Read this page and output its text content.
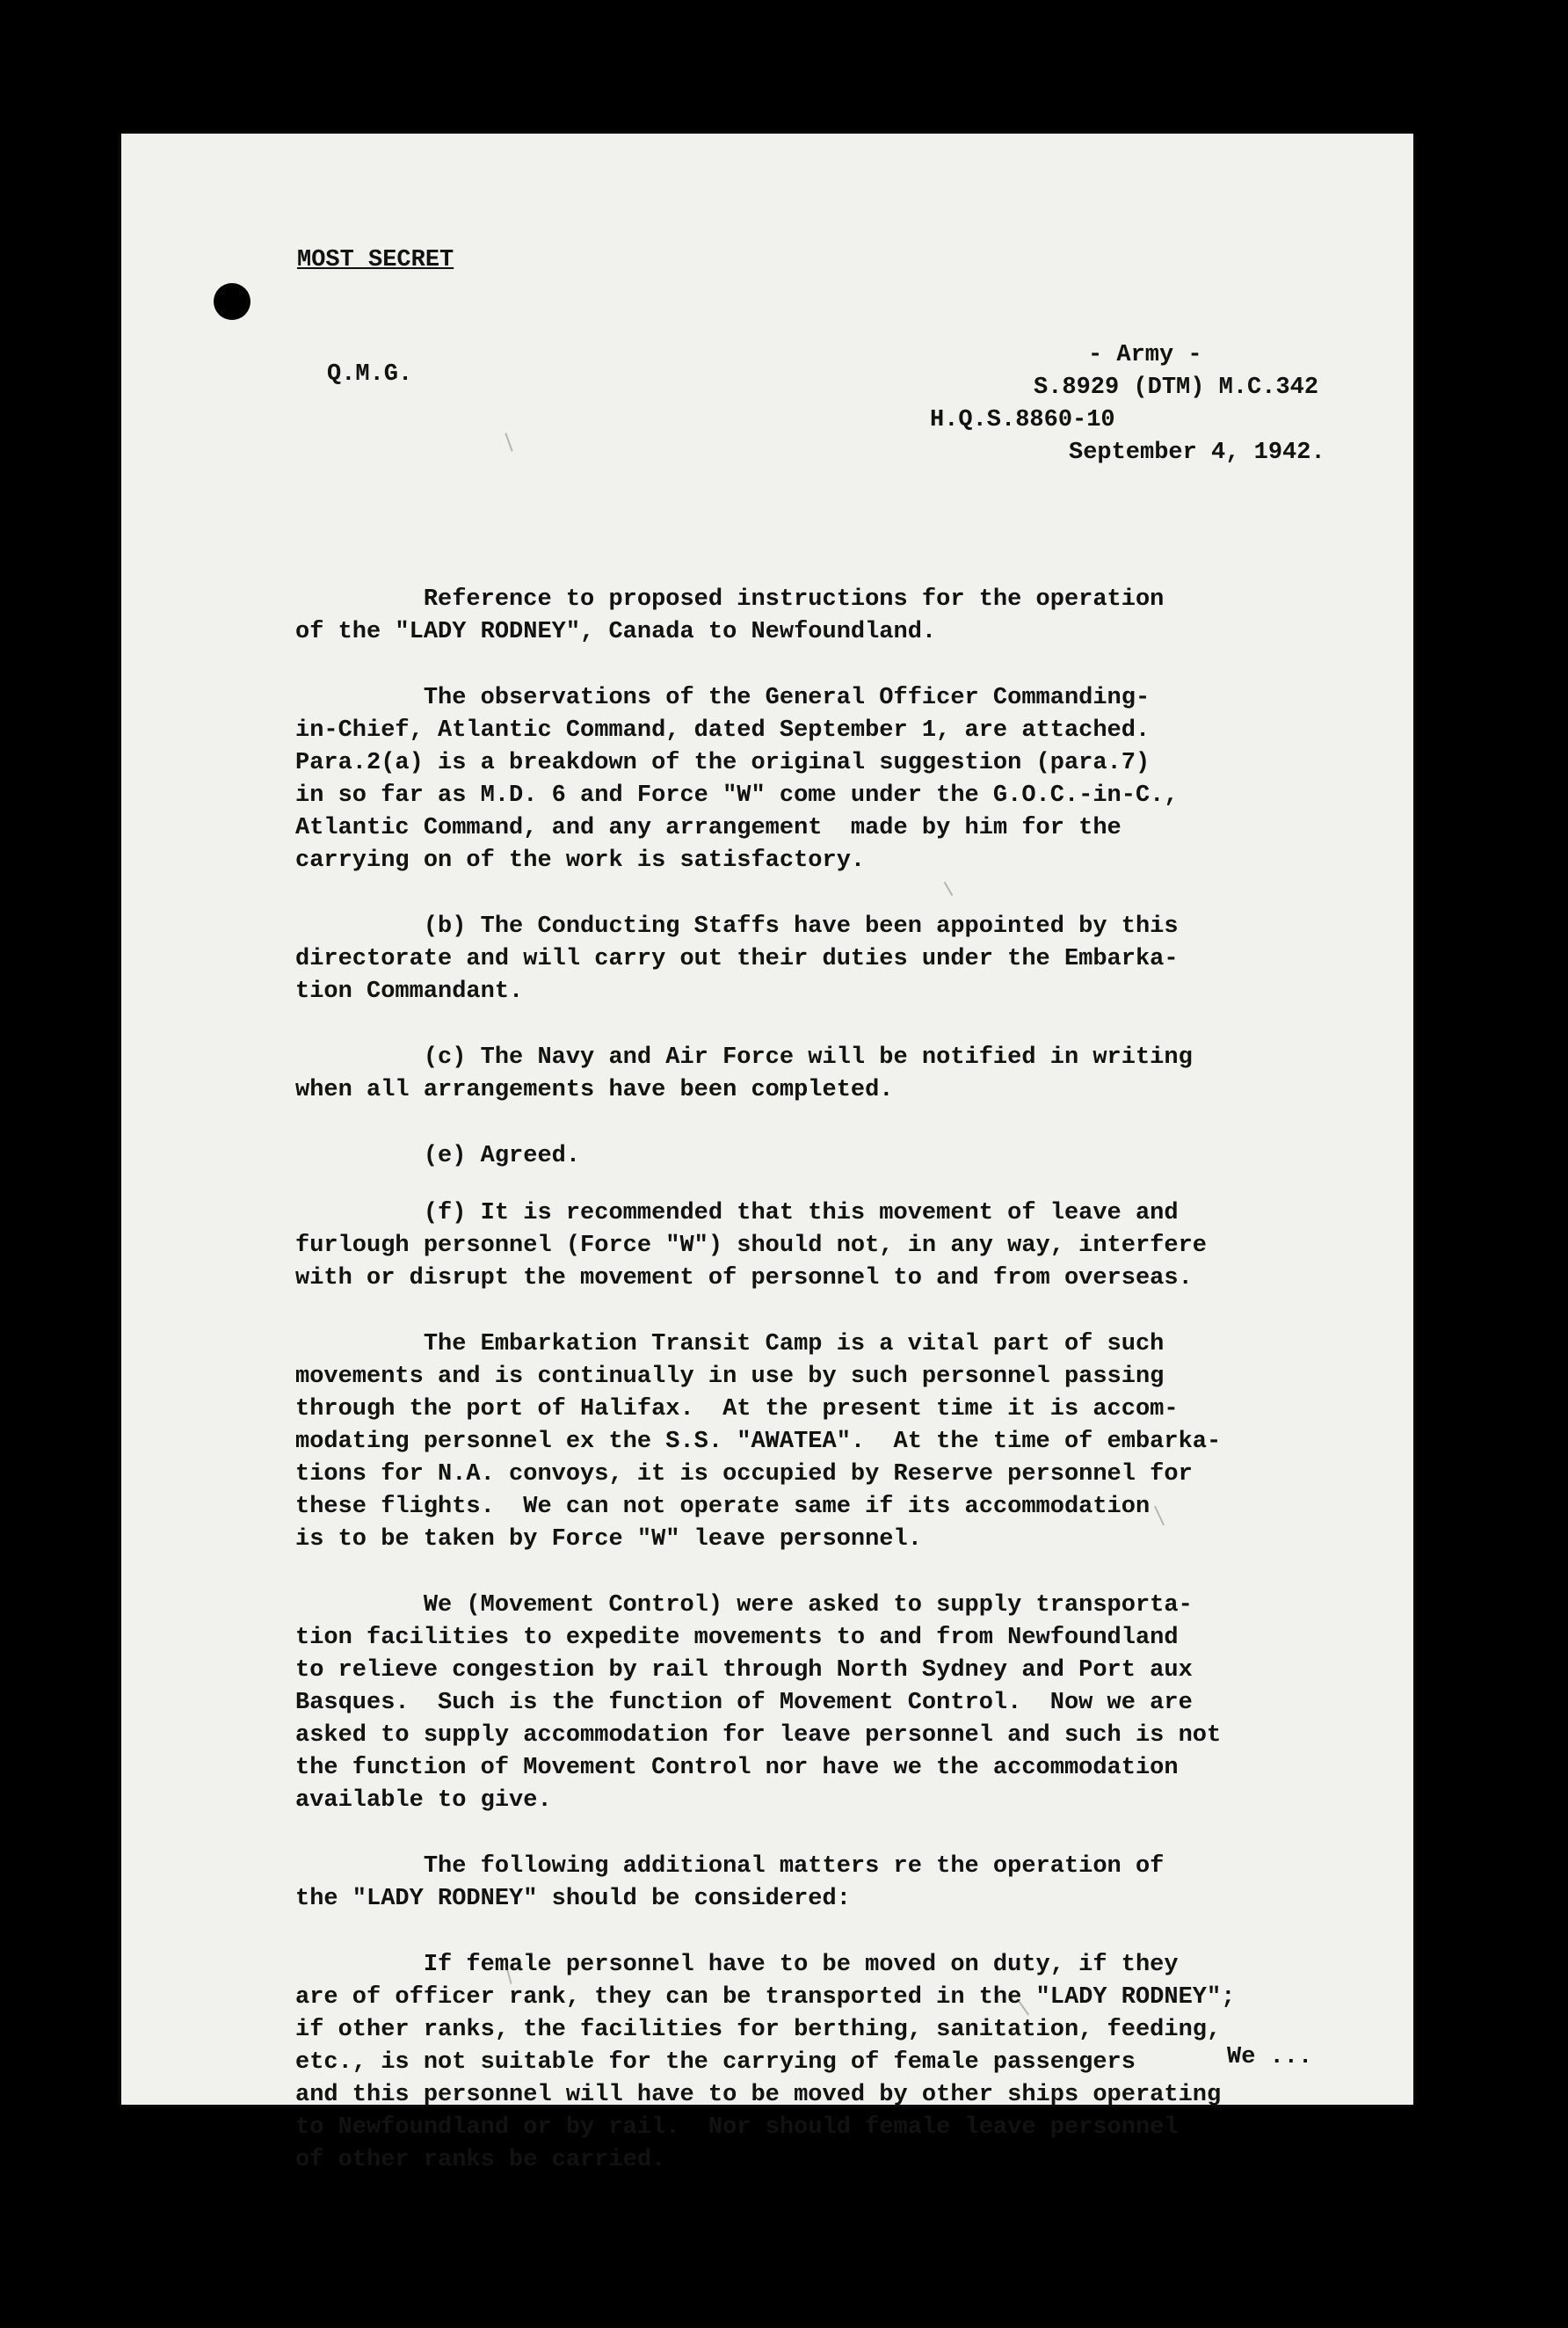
MOST SECRET

Q.M.G.

- Army -

S.8929 (DTM) M.C.342

H.Q.S.8860-10

September 4, 1942.

Reference to proposed instructions for the operation
of the "LADY RODNEY", Canada to Newfoundland.

The observations of the General Officer Commanding-
in-Chief, Atlantic Command, dated September 1, are attached.
Para.2(a) is a breakdown of the original suggestion (para.7)
in so far as M.D. 6 and Force "W" come under the G.O.C.-in-C.,
Atlantic Command, and any arrangement  made by him for the
carrying on of the work is satisfactory.

(b) The Conducting Staffs have been appointed by this
directorate and will carry out their duties under the Embarka-
tion Commandant.

(c) The Navy and Air Force will be notified in writing
when all arrangements have been completed.

(e) Agreed.

(f) It is recommended that this movement of leave and
furlough personnel (Force "W") should not, in any way, interfere
with or disrupt the movement of personnel to and from overseas.

The Embarkation Transit Camp is a vital part of such
movements and is continually in use by such personnel passing
through the port of Halifax.  At the present time it is accom-
modating personnel ex the S.S. "AWATEA".  At the time of embarka-
tions for N.A. convoys, it is occupied by Reserve personnel for
these flights.  We can not operate same if its accommodation
is to be taken by Force "W" leave personnel.

We (Movement Control) were asked to supply transporta-
tion facilities to expedite movements to and from Newfoundland
to relieve congestion by rail through North Sydney and Port aux
Basques.  Such is the function of Movement Control.  Now we are
asked to supply accommodation for leave personnel and such is not
the function of Movement Control nor have we the accommodation
available to give.

The following additional matters re the operation of
the "LADY RODNEY" should be considered:

If female personnel have to be moved on duty, if they
are of officer rank, they can be transported in the "LADY RODNEY";
if other ranks, the facilities for berthing, sanitation, feeding,
etc., is not suitable for the carrying of female passengers
and this personnel will have to be moved by other ships operating
to Newfoundland or by rail.  Nor should female leave personnel
of other ranks be carried.

We ...
